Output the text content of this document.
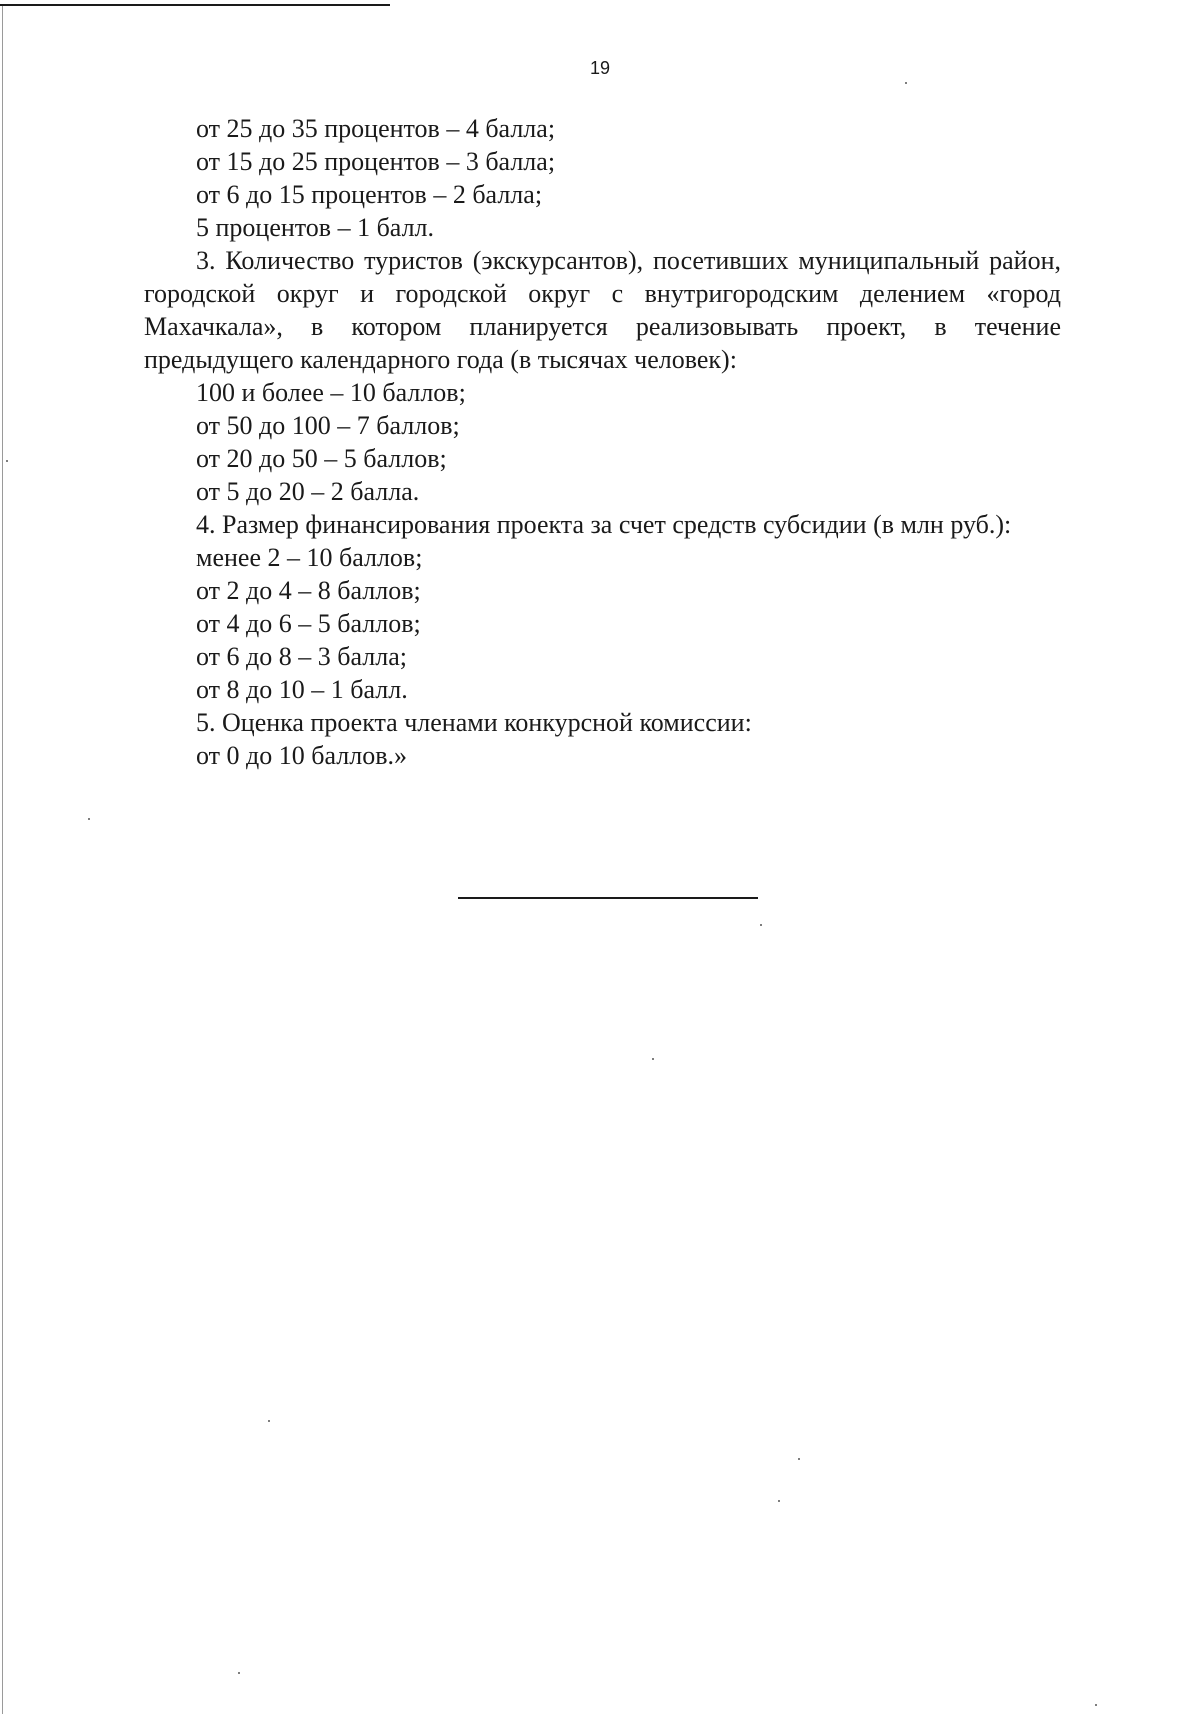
19
от 25 до 35 процентов – 4 балла;
от 15 до 25 процентов – 3 балла;
от 6 до 15 процентов – 2 балла;
5 процентов – 1 балл.
3. Количество туристов (экскурсантов), посетивших муниципальный район, городской округ и городской округ с внутригородским делением «город Махачкала», в котором планируется реализовывать проект, в течение предыдущего календарного года (в тысячах человек):
100 и более – 10 баллов;
от 50 до 100 – 7 баллов;
от 20 до 50 – 5 баллов;
от 5 до 20 – 2 балла.
4. Размер финансирования проекта за счет средств субсидии (в млн руб.):
менее 2 – 10 баллов;
от 2 до 4 – 8 баллов;
от 4 до 6 – 5 баллов;
от 6 до 8 – 3 балла;
от 8 до 10 – 1 балл.
5. Оценка проекта членами конкурсной комиссии:
от 0 до 10 баллов.»
